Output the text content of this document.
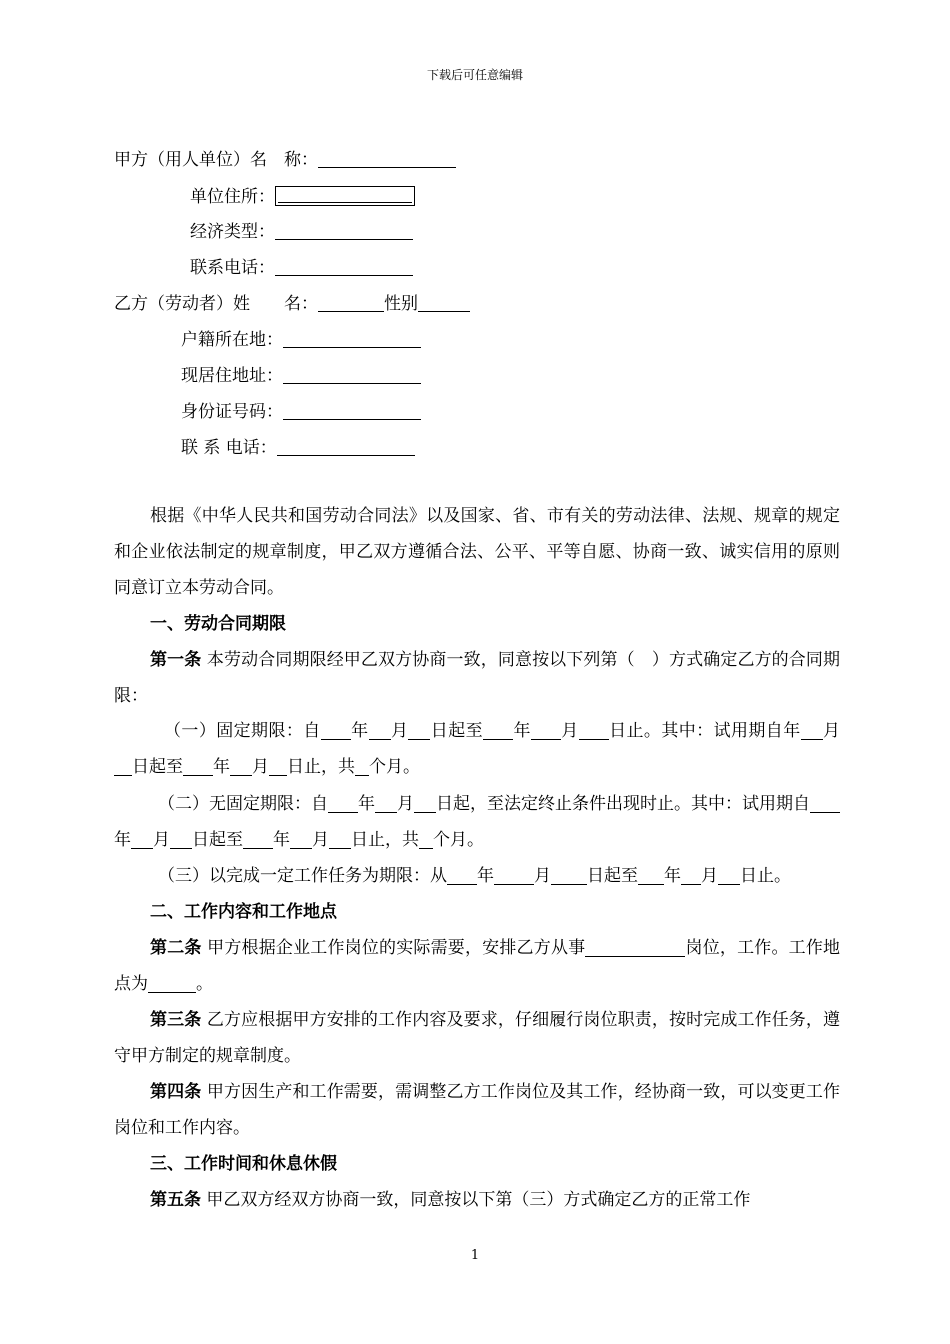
下载后可任意编辑
甲方（用人单位）名　称：
单位住所：
经济类型：
联系电话：
乙方（劳动者）姓　　名：	性别
户籍所在地：
现居住地址：
身份证号码：
联 系 电话：
根据《中华人民共和国劳动合同法》以及国家、省、市有关的劳动法律、法规、规章的规定和企业依法制定的规章制度，甲乙双方遵循合法、公平、平等自愿、协商一致、诚实信用的原则同意订立本劳动合同。
一、劳动合同期限
第一条 本劳动合同期限经甲乙双方协商一致，同意按以下列第（　）方式确定乙方的合同期限：
（一）固定期限：自 年 月 日起至 年 月 日止。其中：试用期自年 月日起至 年 月 日止，共 个月。
（二）无固定期限：自 年 月 日起，至法定终止条件出现时止。其中：试用期自年 月 日起至 年 月 日止，共 个月。
（三）以完成一定工作任务为期限：从 年 月 日起至 年 月 日止。
二、工作内容和工作地点
第二条 甲方根据企业工作岗位的实际需要，安排乙方从事	岗位，工作。工作地点为	。
第三条 乙方应根据甲方安排的工作内容及要求，仔细履行岗位职责，按时完成工作任务，遵守甲方制定的规章制度。
第四条 甲方因生产和工作需要，需调整乙方工作岗位及其工作，经协商一致，可以变更工作岗位和工作内容。
三、工作时间和休息休假
第五条 甲乙双方经双方协商一致，同意按以下第（三）方式确定乙方的正常工作
1
